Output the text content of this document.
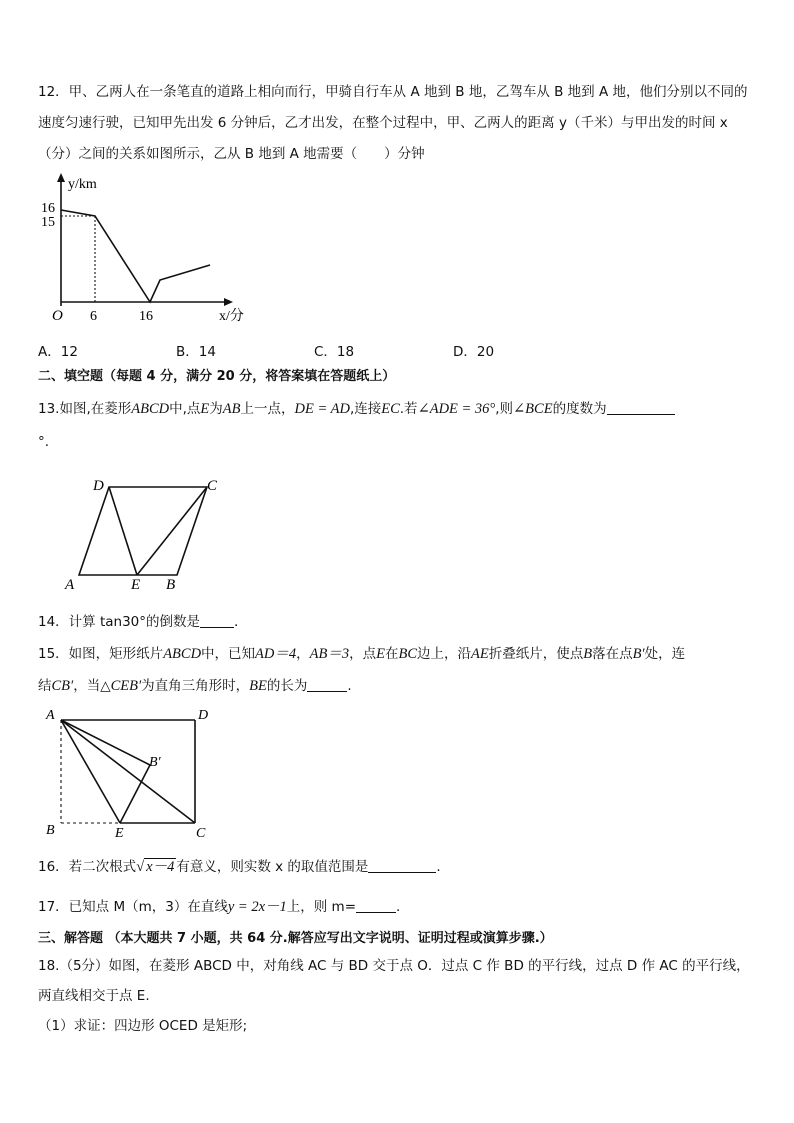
12．甲、乙两人在一条笔直的道路上相向而行，甲骑自行车从 A 地到 B 地，乙驾车从 B 地到 A 地，他们分别以不同的
速度匀速行驶，已知甲先出发 6 分钟后，乙才出发，在整个过程中，甲、乙两人的距离 y（千米）与甲出发的时间 x
（分）之间的关系如图所示，乙从 B 地到 A 地需要（　　）分钟
y/km
16
15
O 6	16	x/分
A．12	B．14	C．18	D．20
二、填空题（每题 4 分，满分 20 分，将答案填在答题纸上）
13.如图,在菱形ABCD中,点E为AB上一点，DE = AD,连接EC.若∠ADE = 36°,则∠BCE的度数为
°.
D	C
A	E B
14．计算 tan30°的倒数是	.
15．如图，矩形纸片ABCD中，已知AD＝4，AB＝3，点E在BC边上，沿AE折叠纸片，使点B落在点B′处，连
结CB′，当△CEB′为直角三角形时，BE的长为	.
A	D
B′
B	E	C
16．若二次根式√ x－4 有意义，则实数 x 的取值范围是	.
17．已知点 M（m，3）在直线y = 2x－1上，则 m=	.
三、解答题 （本大题共 7 小题，共 64 分.解答应写出文字说明、证明过程或演算步骤.）
18.（5分）如图，在菱形 ABCD 中，对角线 AC 与 BD 交于点 O．过点 C 作 BD 的平行线，过点 D 作 AC 的平行线，
两直线相交于点 E.
（1）求证：四边形 OCED 是矩形;
